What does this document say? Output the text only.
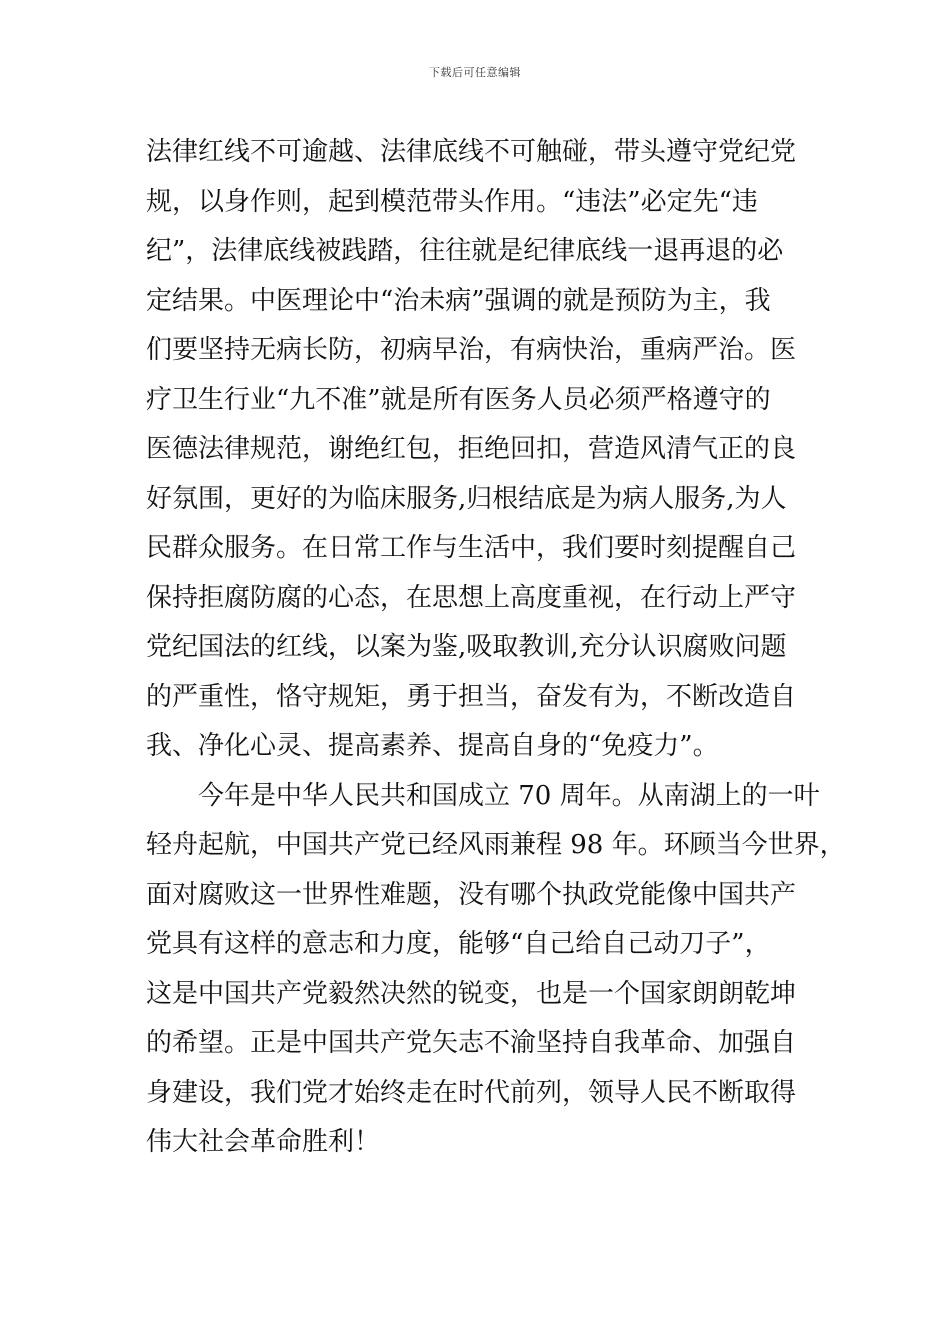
下载后可任意编辑
法律红线不可逾越、法律底线不可触碰，带头遵守党纪党
规，以身作则，起到模范带头作用。“违法”必定先“违
纪”，法律底线被践踏，往往就是纪律底线一退再退的必
定结果。中医理论中“治未病”强调的就是预防为主，我
们要坚持无病长防，初病早治，有病快治，重病严治。医
疗卫生行业“九不准”就是所有医务人员必须严格遵守的
医德法律规范，谢绝红包，拒绝回扣，营造风清气正的良
好氛围，更好的为临床服务,归根结底是为病人服务,为人
民群众服务。在日常工作与生活中，我们要时刻提醒自己
保持拒腐防腐的心态，在思想上高度重视，在行动上严守
党纪国法的红线，以案为鉴,吸取教训,充分认识腐败问题
的严重性，恪守规矩，勇于担当，奋发有为，不断改造自
我、净化心灵、提高素养、提高自身的“免疫力”。
今年是中华人民共和国成立 70 周年。从南湖上的一叶
轻舟起航，中国共产党已经风雨兼程 98 年。环顾当今世界，
面对腐败这一世界性难题，没有哪个执政党能像中国共产
党具有这样的意志和力度，能够“自己给自己动刀子”，
这是中国共产党毅然决然的锐变，也是一个国家朗朗乾坤
的希望。正是中国共产党矢志不渝坚持自我革命、加强自
身建设，我们党才始终走在时代前列，领导人民不断取得
伟大社会革命胜利！
